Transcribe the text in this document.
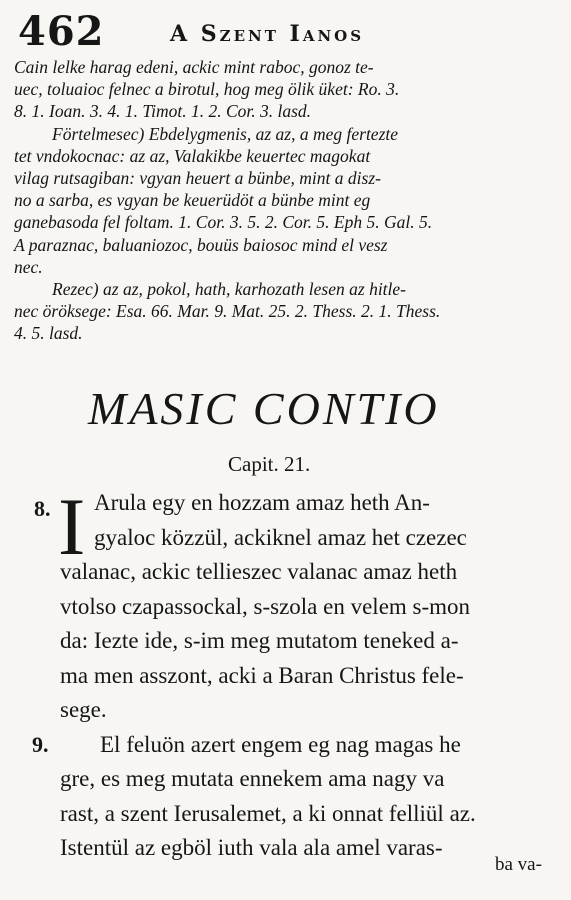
462	A Szent Ianos
Cain lelke harag edeni, ackic mint raboc, gonoz te-
uec, toluaioc felnec a birotul, hog meg ölik üket: Ro. 3.
8. 1. Ioan. 3. 4. 1. Timot. 1. 2. Cor. 3. lasd.
Förtelmesec) Ebdelygmenis, az az, a meg fertezte
tet vndokocnac: az az, Valakikbe keuertec magokat
vilag rutsagiban: vgyan heuert a bünbe, mint a disz-
no a sarba, es vgyan be keuerüdöt a bünbe mint eg
ganebasoda fel foltam. 1. Cor. 3. 5. 2. Cor. 5. Eph 5. Gal. 5.
A paraznac, baluaniozoc, bouüs baiosoc mind el vesz
nec.
Rezec) az az, pokol, hath, karhozath lesen az hitle-
nec öröksege: Esa. 66. Mar. 9. Mat. 25. 2. Thess. 2. 1. Thess.
4. 5. lasd.
MASIC CONTIO
Capit. 21.
8.
9.
I Arula egy en hozzam amaz heth An-
gyaloc közzül, ackiknel amaz het czezec
valanac, ackic tellieszec valanac amaz heth
vtolso czapassockal, s-szola en velem s-mon
da: Iezte ide, s-im meg mutatom teneked a-
ma men asszont, acki a Baran Christus fele-
sege.
El feluön azert engem eg nag magas he
gre, es meg mutata ennekem ama nagy va
rast, a szent Ierusalemet, a ki onnat felliül az.
Istentül az egböl iuth vala ala amel varas-
ba va-
